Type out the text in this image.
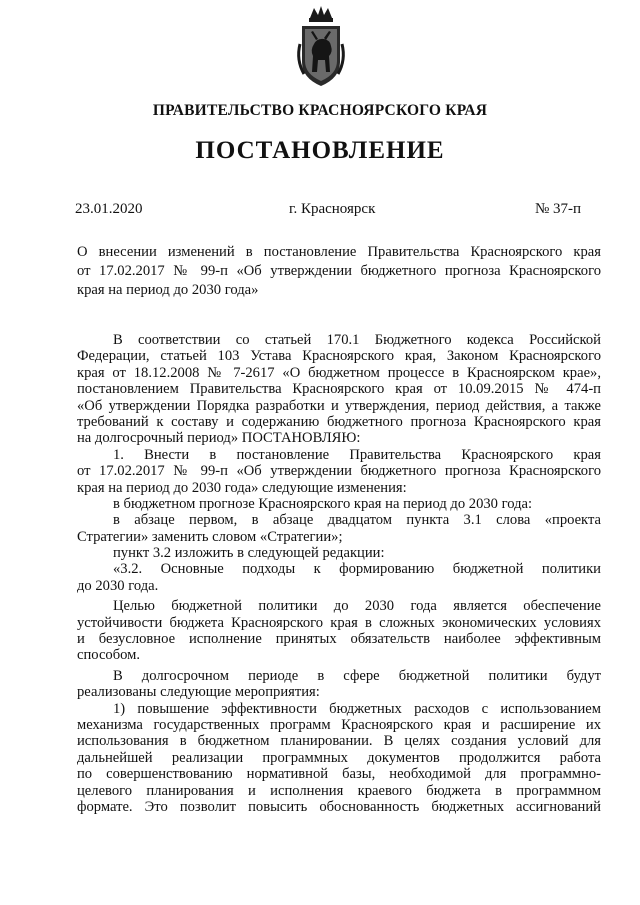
ПРАВИТЕЛЬСТВО КРАСНОЯРСКОГО КРАЯ
ПОСТАНОВЛЕНИЕ
23.01.2020	г. Красноярск	№ 37-п
О внесении изменений в постановление Правительства Красноярского края
от 17.02.2017 № 99-п «Об утверждении бюджетного прогноза Красноярского
края на период до 2030 года»
В соответствии со статьей 170.1 Бюджетного кодекса Российской
Федерации, статьей 103 Устава Красноярского края, Законом Красноярского
края от 18.12.2008 № 7-2617 «О бюджетном процессе в Красноярском крае»,
постановлением Правительства Красноярского края от 10.09.2015 № 474-п
«Об утверждении Порядка разработки и утверждения, период действия, а также
требований к составу и содержанию бюджетного прогноза Красноярского края
на долгосрочный период» ПОСТАНОВЛЯЮ:
1. Внести в постановление Правительства Красноярского края
от 17.02.2017 № 99-п «Об утверждении бюджетного прогноза Красноярского
края на период до 2030 года» следующие изменения:
в бюджетном прогнозе Красноярского края на период до 2030 года:
в абзаце первом, в абзаце двадцатом пункта 3.1 слова «проекта
Стратегии» заменить словом «Стратегии»;
пункт 3.2 изложить в следующей редакции:
«3.2. Основные подходы к формированию бюджетной политики
до 2030 года.
Целью бюджетной политики до 2030 года является обеспечение
устойчивости бюджета Красноярского края в сложных экономических условиях
и безусловное исполнение принятых обязательств наиболее эффективным
способом.
В долгосрочном периоде в сфере бюджетной политики будут
реализованы следующие мероприятия:
1) повышение эффективности бюджетных расходов с использованием
механизма государственных программ Красноярского края и расширение их
использования в бюджетном планировании. В целях создания условий для
дальнейшей реализации программных документов продолжится работа
по совершенствованию нормативной базы, необходимой для программно-
целевого планирования и исполнения краевого бюджета в программном
формате. Это позволит повысить обоснованность бюджетных ассигнований
